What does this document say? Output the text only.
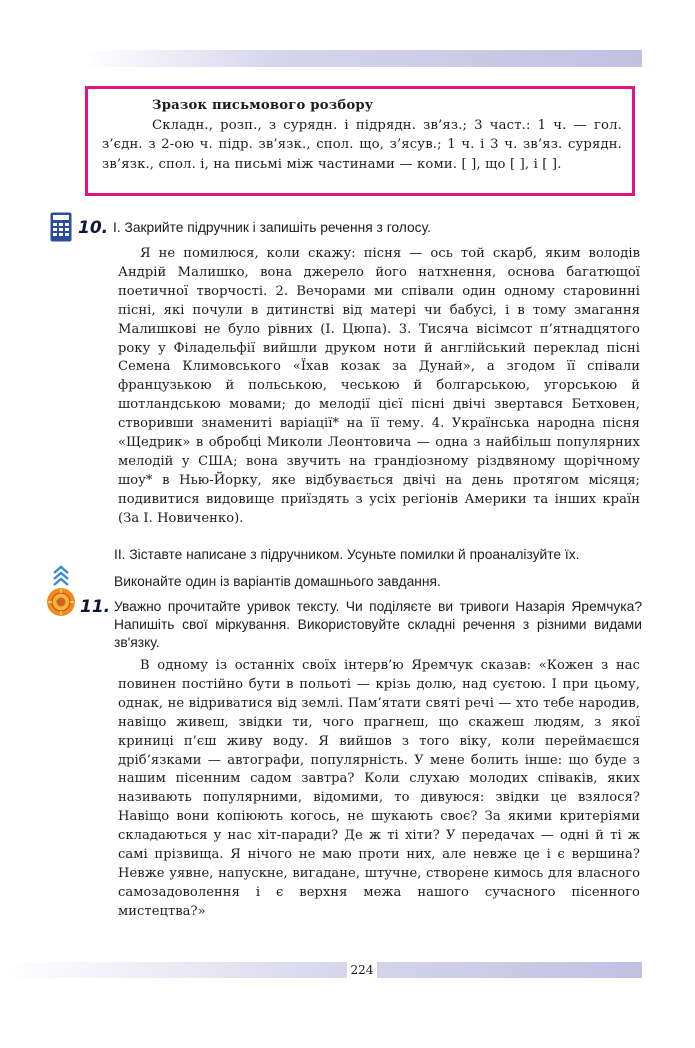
Зразок письмового розбору

Складн., розп., з сурядн. і підрядн. зв’яз.; 3 част.: 1 ч. — гол. з’єдн. з 2-ою ч. підр. зв’язк., спол. що, з’ясув.; 1 ч. і 3 ч. зв’яз. сурядн. зв’язк., спол. і, на письмі між частинами — коми. [ ], що [ ], і [ ].

10. І. Закрийте підручник і запишіть речення з голосу.

Я не помилюся, коли скажу: пісня — ось той скарб, яким володів Андрій Малишко, вона джерело його натхнення, основа багатющої поетичної творчості. 2. Вечорами ми співали один одному старовинні пісні, які почули в дитинстві від матері чи бабусі, і в тому змагання Малишкові не було рівних (І. Цюпа). 3. Тисяча вісімсот п’ятнадцятого року у Філадельфії вийшли друком ноти й англійський переклад пісні Семена Климовського «Їхав козак за Дунай», а згодом її співали французькою й польською, чеською й болгарською, угорською й шотландською мовами; до мелодії цієї пісні двічі звертався Бетховен, створивши знамениті варіації* на її тему. 4. Українська народна пісня «Щедрик» в обробці Миколи Леонтовича — одна з найбільш популярних мелодій у США; вона звучить на грандіозному різдвяному щорічному шоу* в Нью-Йорку, яке відбувається двічі на день протягом місяця; подивитися видовище приїздять з усіх регіонів Америки та інших країн (За І. Новиченко).

ІІ. Зіставте написане з підручником. Усуньте помилки й проаналізуйте їх.

Виконайте один із варіантів домашнього завдання.

11. Уважно прочитайте уривок тексту. Чи поділяєте ви тривоги Назарія Яремчука? Напишіть свої міркування. Використовуйте складні речення з різними видами зв'язку.

В одному із останніх своїх інтерв’ю Яремчук сказав: «Кожен з нас повинен постійно бути в польоті — крізь долю, над суєтою. І при цьому, однак, не відриватися від землі. Пам’ятати святі речі — хто тебе народив, навіщо живеш, звідки ти, чого прагнеш, що скажеш людям, з якої криниці п’єш живу воду. Я вийшов з того віку, коли переймаєшся дріб’язками — автографи, популярність. У мене болить інше: що буде з нашим пісенним садом завтра? Коли слухаю молодих співаків, яких називають популярними, відомими, то дивуюся: звідки це взялося? Навіщо вони копіюють когось, не шукають своє? За якими критеріями складаються у нас хіт-паради? Де ж ті хіти? У передачах — одні й ті ж самі прізвища. Я нічого не маю проти них, але невже це і є вершина? Невже уявне, напускне, вигадане, штучне, створене кимось для власного самозадоволення і є верхня межа нашого сучасного пісенного мистецтва?»

224
